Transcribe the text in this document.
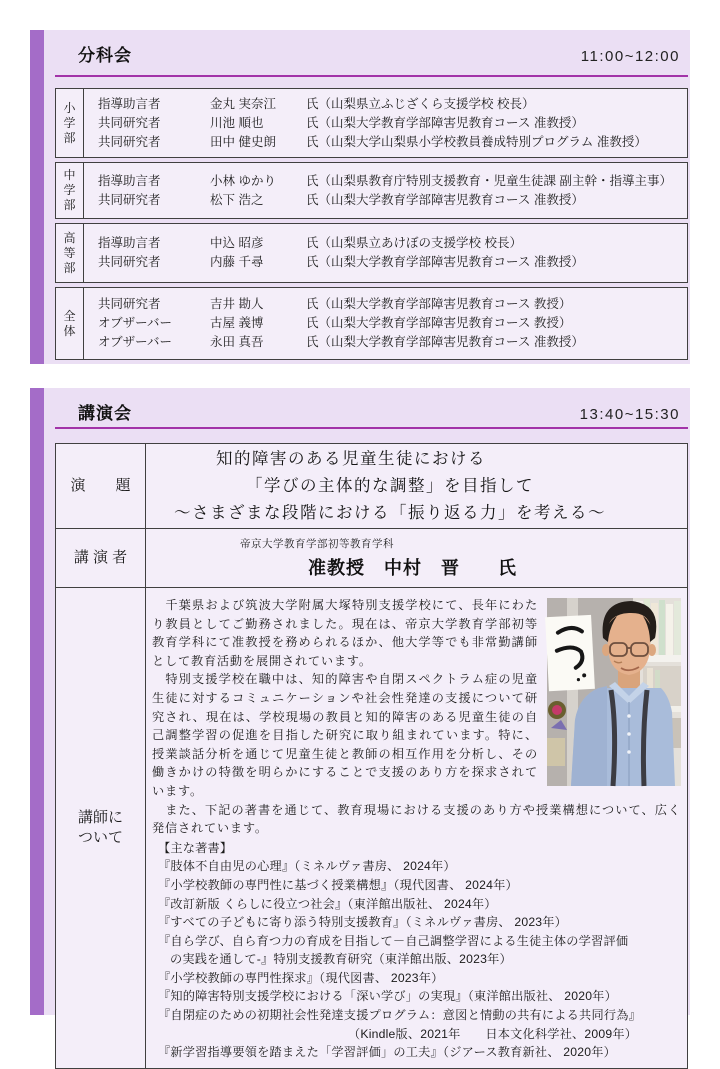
分科会	11:00~12:00
小
学
部
指導助言者	金丸 実奈江	氏（山梨県立ふじざくら支援学校 校長）
共同研究者	川池 順也	氏（山梨大学教育学部障害児教育コース 准教授）
共同研究者	田中 健史朗	氏（山梨大学山梨県小学校教員養成特別プログラム 准教授）
中
学
部
指導助言者	小林 ゆかり	氏（山梨県教育庁特別支援教育・児童生徒課 副主幹・指導主事）
共同研究者	松下 浩之	氏（山梨大学教育学部障害児教育コース 准教授）
高
等
部
指導助言者	中込 昭彦	氏（山梨県立あけぼの支援学校 校長）
共同研究者	内藤 千尋	氏（山梨大学教育学部障害児教育コース 准教授）
全
体
共同研究者	吉井 勘人	氏（山梨大学教育学部障害児教育コース 教授）
オブザーバー	古屋 義博	氏（山梨大学教育学部障害児教育コース 教授）
オブザーバー	永田 真吾	氏（山梨大学教育学部障害児教育コース 准教授）
講演会	13:40~15:30
演　　題
知的障害のある児童生徒における
「学びの主体的な調整」を目指して
～さまざまな段階における「振り返る力」を考える～
講 演 者
帝京大学教育学部初等教育学科
准教授　中村　晋　　氏
講師に
ついて

　千葉県および筑波大学附属大塚特別支援学校にて、長年にわたり教員としてご勤務されました。現在は、帝京大学教育学部初等教育学科にて准教授を務められるほか、他大学等でも非常勤講師として教育活動を展開されています。

　特別支援学校在職中は、知的障害や自閉スペクトラム症の児童生徒に対するコミュニケーションや社会性発達の支援について研究され、現在は、学校現場の教員と知的障害のある児童生徒の自己調整学習の促進を目指した研究に取り組まれています。特に、授業談話分析を通じて児童生徒と教師の相互作用を分析し、その働きかけの特徴を明らかにすることで支援のあり方を探求されています。

　また、下記の著書を通じて、教育現場における支援のあり方や授業構想について、広く発信されています。

【主な著書】
『肢体不自由児の心理』（ミネルヴァ書房、 2024年）
『小学校教師の専門性に基づく授業構想』（現代図書、 2024年）
『改訂新版 くらしに役立つ社会』（東洋館出版社、 2024年）
『すべての子どもに寄り添う特別支援教育』（ミネルヴァ書房、 2023年）
『自ら学び、自ら育つ力の育成を目指して－自己調整学習による生徒主体の学習評価
の実践を通して-』特別支援教育研究（東洋館出版、2023年）
『小学校教師の専門性探求』（現代図書、 2023年）
『知的障害特別支援学校における「深い学び」の実現』（東洋館出版社、 2020年）
『自閉症のための初期社会性発達支援プログラム：意図と情動の共有による共同行為』
（Kindle版、2021年　　日本文化科学社、2009年）
『新学習指導要領を踏まえた「学習評価」の工夫』（ジアース教育新社、 2020年）
